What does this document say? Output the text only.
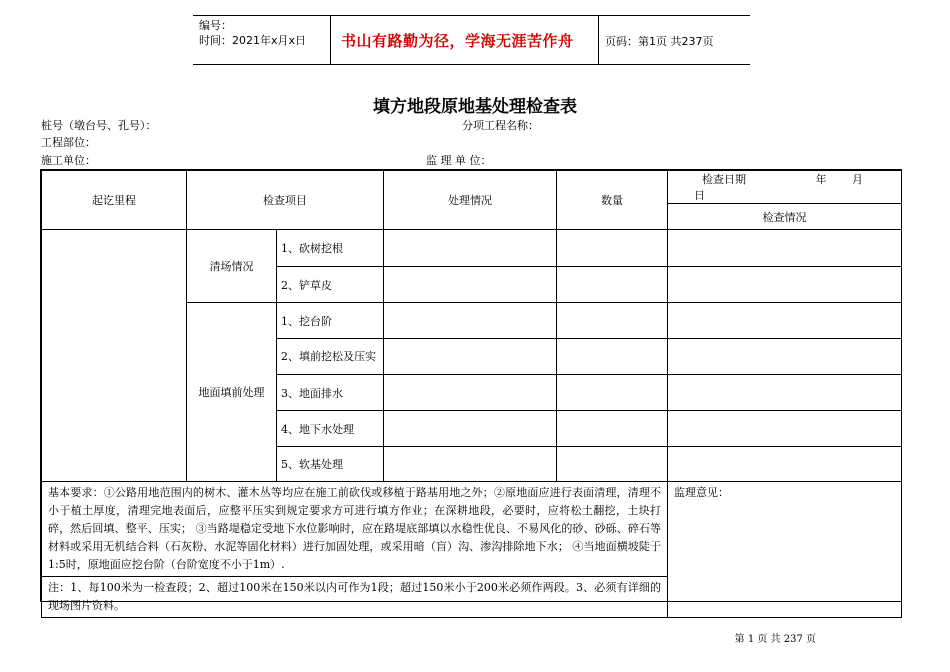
编号：
时间：2021年x月x日 书山有路勤为径，学海无涯苦作舟	页码：第1页 共237页
填方地段原地基处理检查表
桩号（墩台号、孔号）：	分项工程名称：
工程部位：
施工单位：	监 理 单 位：
起讫里程	检查项目		处理情况	数量	检查日期 年 月 日
					检查情况
	清场情况	1、砍树挖根			
		2、铲草皮			
	地面填前处理	1、挖台阶			
		2、填前挖松及压实			
		3、地面排水			
		4、地下水处理			
		5、软基处理			
基本要求：①公路用地范围内的树木、灌木丛等均应在施工前砍伐或移植于路基用地之外；②原地面应进行表面清理，清理不小于植土厚度，清理完地表面后，应整平压实到规定要求方可进行填方作业；在深耕地段，必要时，应将松土翻挖，土块打碎，然后回填、整平、压实； ③当路堤稳定受地下水位影响时，应在路堤底部填以水稳性优良、不易风化的砂、砂砾、碎石等材料或采用无机结合料（石灰粉、水泥等固化材料）进行加固处理，或采用暗（盲）沟、渗沟排除地下水； ④当地面横坡陡于1:5时，原地面应挖台阶（台阶宽度不小于1m）.					监理意见：
注：1、每100米为一检查段；2、超过100米在150米以内可作为1段；超过150米小于200米必须作两段。3、必须有详细的现场图片资料。					
第 1 页 共 237 页
